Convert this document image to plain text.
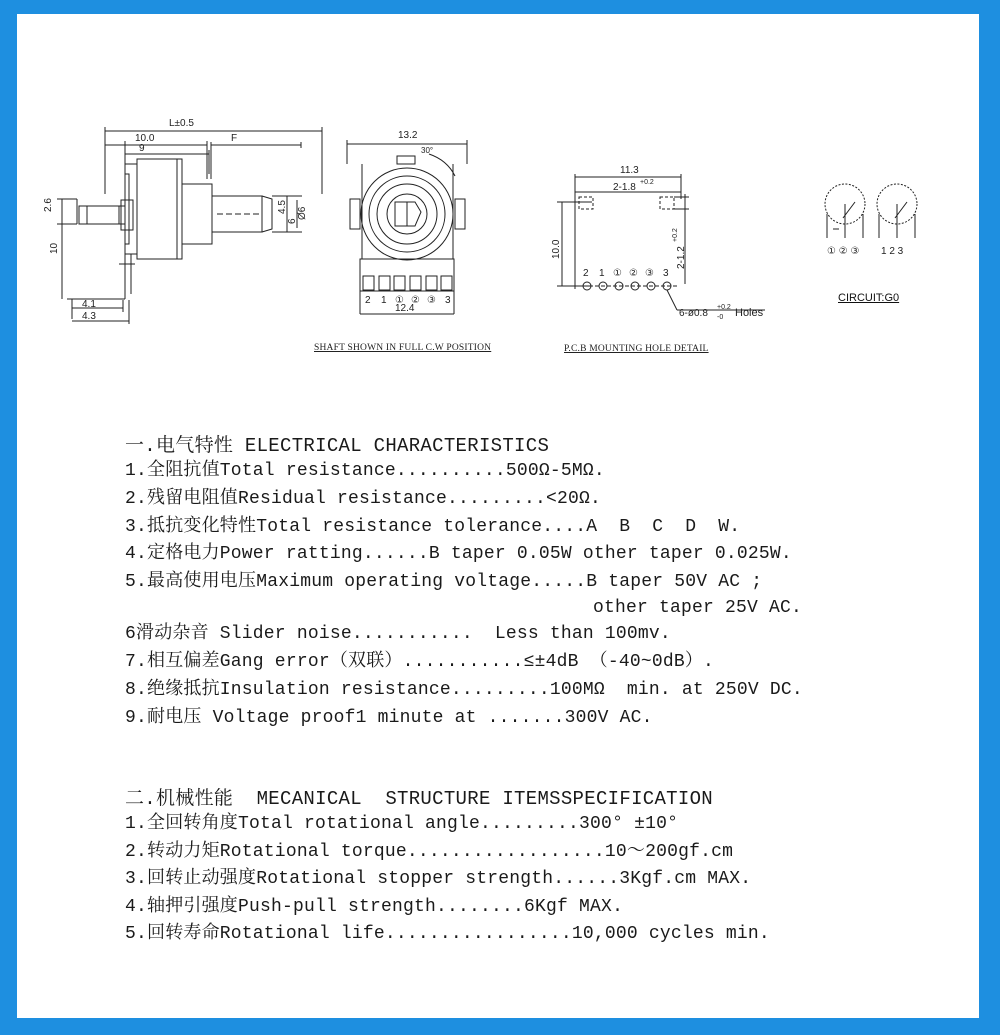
L±0.5
10.0
9
F
2.6
10
4.1
4.3
4.5
6
Ø6
13.2
30°
12.4
2 1 ① ② ③ 3
11.3
2-1.8 +0.2
10.0	2-1.2
+0.2
2 1 ① ② ③ 3
6-ø0.8
+0.2
-0 Holes
① ② ③ 1 2 3
SHAFT SHOWN IN FULL C.W POSITION	P.C.B MOUNTING HOLE DETAIL
CIRCUIT:G0
一.电气特性 ELECTRICAL CHARACTERISTICS
1.全阻抗值Total resistance..........500Ω-5MΩ.
2.残留电阻值Residual resistance.........<20Ω.
3.抵抗变化特性Total resistance tolerance....A  B  C  D  W.
4.定格电力Power ratting......B taper 0.05W other taper 0.025W.
5.最高使用电压Maximum operating voltage.....B taper 50V AC ;
other taper 25V AC.
6滑动杂音 Slider noise...........  Less than 100mv.
7.相互偏差Gang error（双联）...........≤±4dB （-40~0dB）.
8.绝缘抵抗Insulation resistance.........100MΩ  min. at 250V DC.
9.耐电压 Voltage proof1 minute at .......300V AC.
二.机械性能  MECANICAL  STRUCTURE ITEMSSPECIFICATION
1.全回转角度Total rotational angle.........300° ±10°
2.转动力矩Rotational torque..................10～200gf.cm
3.回转止动强度Rotational stopper strength......3Kgf.cm MAX.
4.轴押引强度Push-pull strength........6Kgf MAX.
5.回转寿命Rotational life.................10,000 cycles min.
